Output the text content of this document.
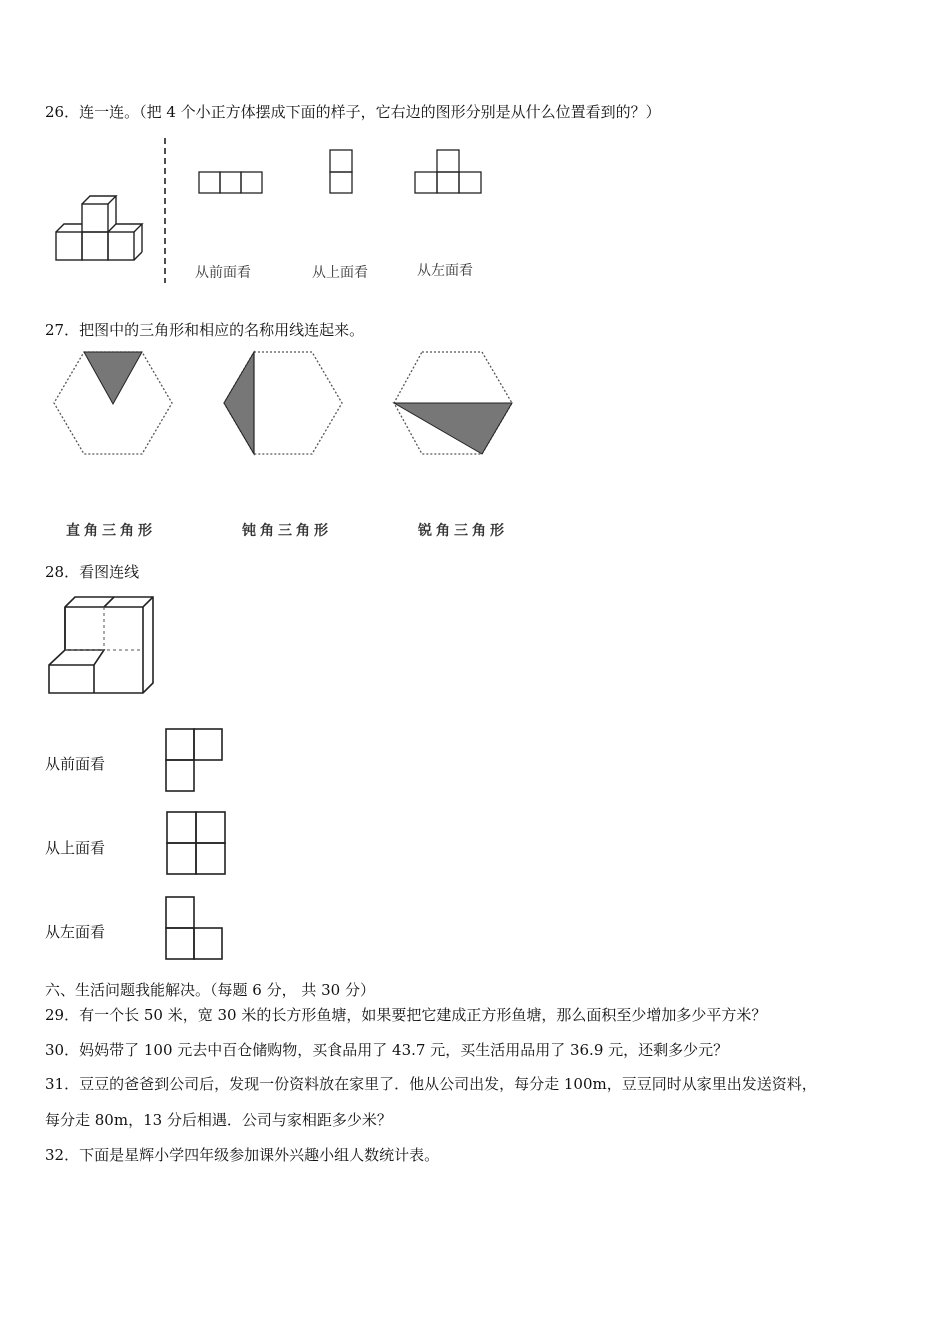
26．连一连。（把 4 个小正方体摆成下面的样子，它右边的图形分别是从什么位置看到的？）
从前面看	从上面看	从左面看
27．把图中的三角形和相应的名称用线连起来。
直角三角形	钝角三角形	锐角三角形
28．看图连线
从前面看
从上面看
从左面看
六、生活问题我能解决。（每题 6 分， 共 30 分）
29．有一个长 50 米，宽 30 米的长方形鱼塘，如果要把它建成正方形鱼塘，那么面积至少增加多少平方米？
30．妈妈带了 100 元去中百仓储购物，买食品用了 43.7 元，买生活用品用了 36.9 元，还剩多少元？
31．豆豆的爸爸到公司后，发现一份资料放在家里了．他从公司出发，每分走 100m，豆豆同时从家里出发送资料，
每分走 80m，13 分后相遇．公司与家相距多少米？
32．下面是星辉小学四年级参加课外兴趣小组人数统计表。
